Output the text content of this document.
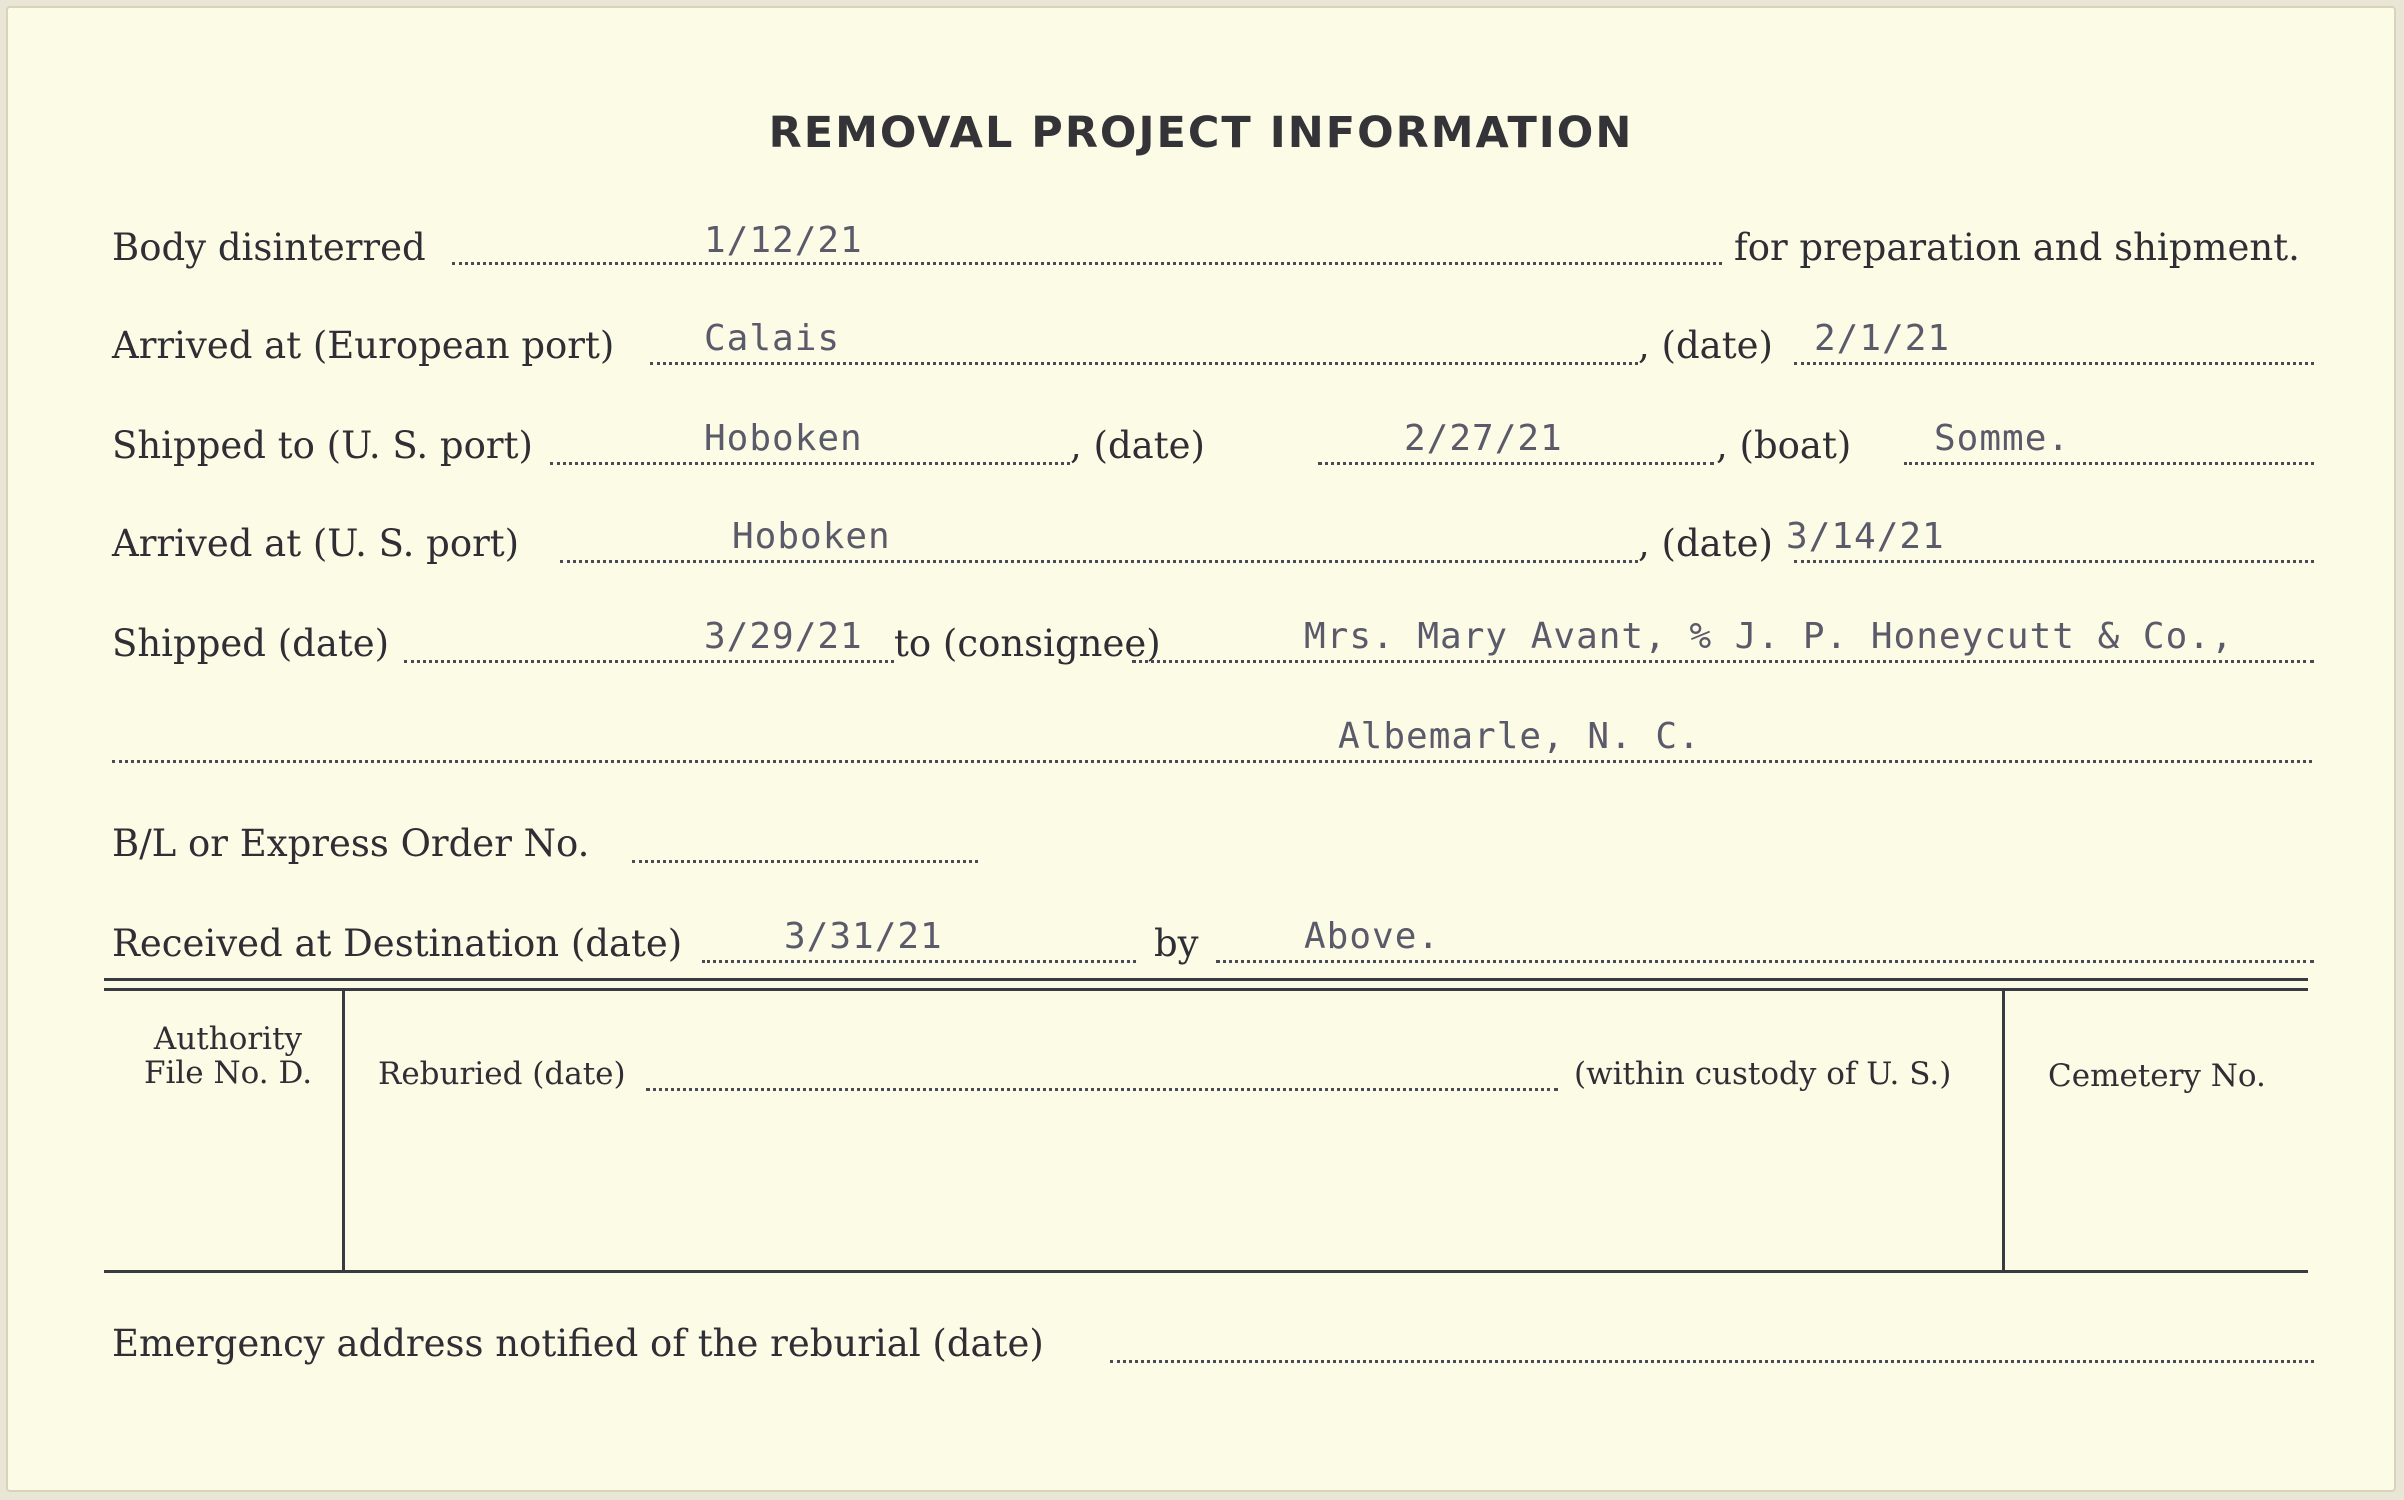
REMOVAL PROJECT INFORMATION
Body disinterred	1/12/21	for preparation and shipment.
Arrived at (European port) Calais	, (date) 2/1/21
Shipped to (U. S. port)	Hoboken	, (date)	2/27/21	, (boat) Somme.
Arrived at (U. S. port)	Hoboken	, (date) 3/14/21
Shipped (date)	3/29/21 to (consignee)	Mrs. Mary Avant, % J. P. Honeycutt & Co.,
Albemarle, N. C.
B/L or Express Order No.
Received at Destination (date)	3/31/21	by	Above.
Authority
File No. D.	Reburied (date)	(within custody of U. S.)	Cemetery No.
Emergency address notified of the reburial (date)
